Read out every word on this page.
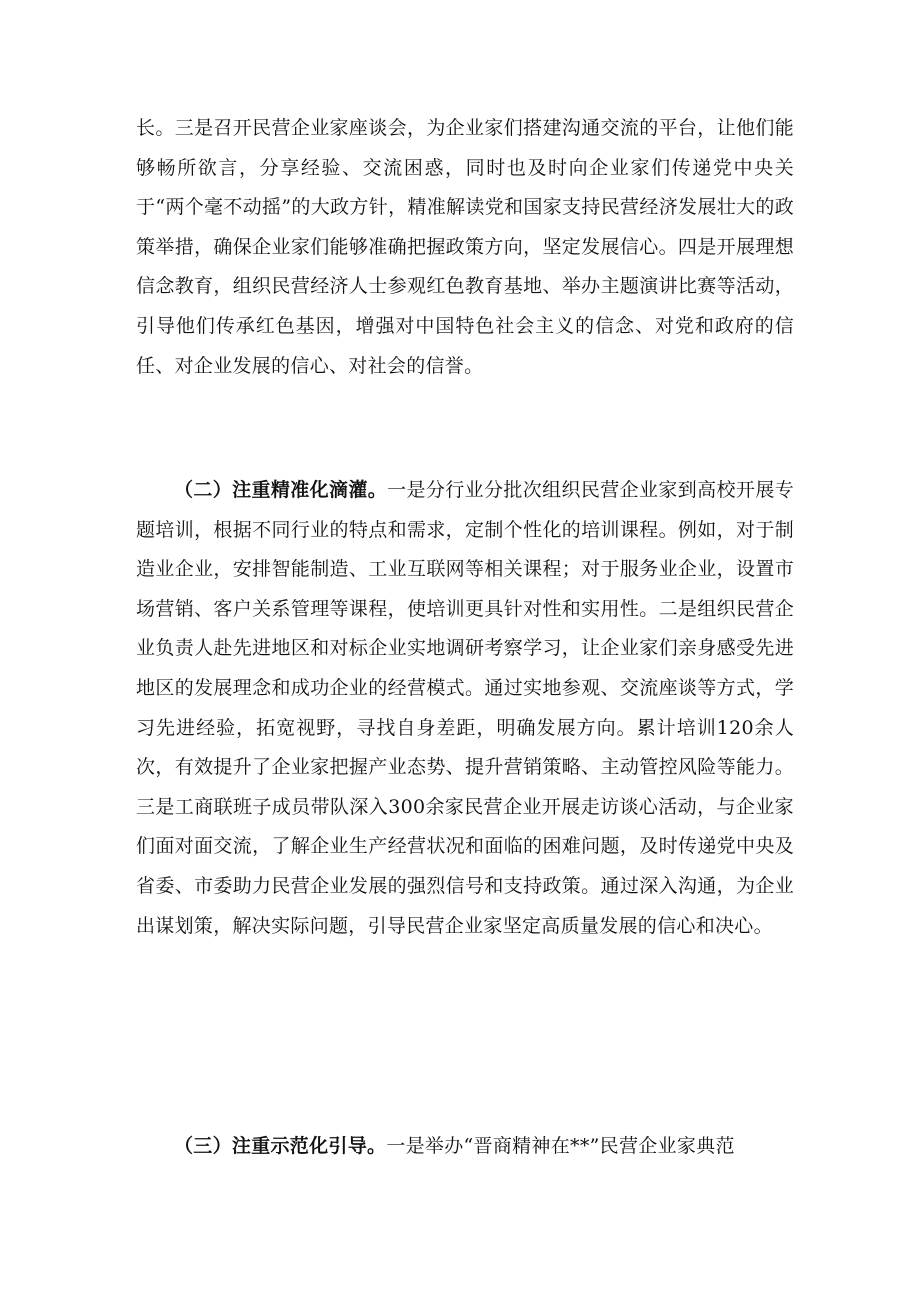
长。三是召开民营企业家座谈会，为企业家们搭建沟通交流的平台，让他们能够畅所欲言，分享经验、交流困惑，同时也及时向企业家们传递党中央关于“两个毫不动摇”的大政方针，精准解读党和国家支持民营经济发展壮大的政策举措，确保企业家们能够准确把握政策方向，坚定发展信心。四是开展理想信念教育，组织民营经济人士参观红色教育基地、举办主题演讲比赛等活动，引导他们传承红色基因，增强对中国特色社会主义的信念、对党和政府的信任、对企业发展的信心、对社会的信誉。

（二）注重精准化滴灌。一是分行业分批次组织民营企业家到高校开展专题培训，根据不同行业的特点和需求，定制个性化的培训课程。例如，对于制造业企业，安排智能制造、工业互联网等相关课程；对于服务业企业，设置市场营销、客户关系管理等课程，使培训更具针对性和实用性。二是组织民营企业负责人赴先进地区和对标企业实地调研考察学习，让企业家们亲身感受先进地区的发展理念和成功企业的经营模式。通过实地参观、交流座谈等方式，学习先进经验，拓宽视野，寻找自身差距，明确发展方向。累计培训120余人次，有效提升了企业家把握产业态势、提升营销策略、主动管控风险等能力。三是工商联班子成员带队深入300余家民营企业开展走访谈心活动，与企业家们面对面交流，了解企业生产经营状况和面临的困难问题，及时传递党中央及省委、市委助力民营企业发展的强烈信号和支持政策。通过深入沟通，为企业出谋划策，解决实际问题，引导民营企业家坚定高质量发展的信心和决心。

（三）注重示范化引导。一是举办“晋商精神在**”民营企业家典范
